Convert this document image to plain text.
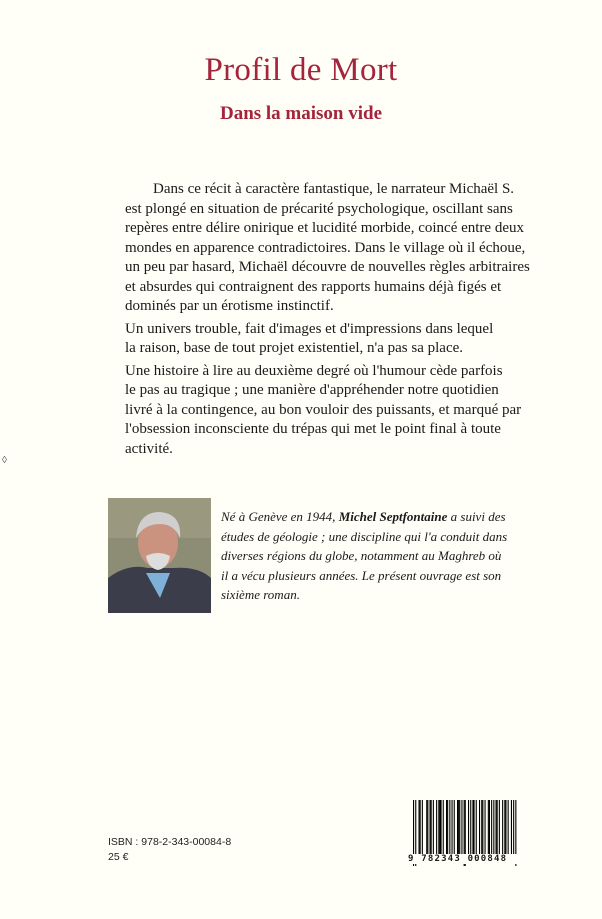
◊
Profil de Mort
Dans la maison vide
Dans ce récit à caractère fantastique, le narrateur Michaël S.
est plongé en situation de précarité psychologique, oscillant sans
repères entre délire onirique et lucidité morbide, coincé entre deux
mondes en apparence contradictoires. Dans le village où il échoue,
un peu par hasard, Michaël découvre de nouvelles règles arbitraires
et absurdes qui contraignent des rapports humains déjà figés et
dominés par un érotisme instinctif.
Un univers trouble, fait d'images et d'impressions dans lequel
la raison, base de tout projet existentiel, n'a pas sa place.
Une histoire à lire au deuxième degré où l'humour cède parfois
le pas au tragique ; une manière d'appréhender notre quotidien
livré à la contingence, au bon vouloir des puissants, et marqué par
l'obsession inconsciente du trépas qui met le point final à toute
activité.
Né à Genève en 1944, Michel Septfontaine a suivi des études de géologie ; une discipline qui l'a conduit dans diverses régions du globe, notamment au Maghreb où il a vécu plusieurs années. Le présent ouvrage est son sixième roman.
ISBN : 978-2-343-00084-8
25 €	9 782343 000848
